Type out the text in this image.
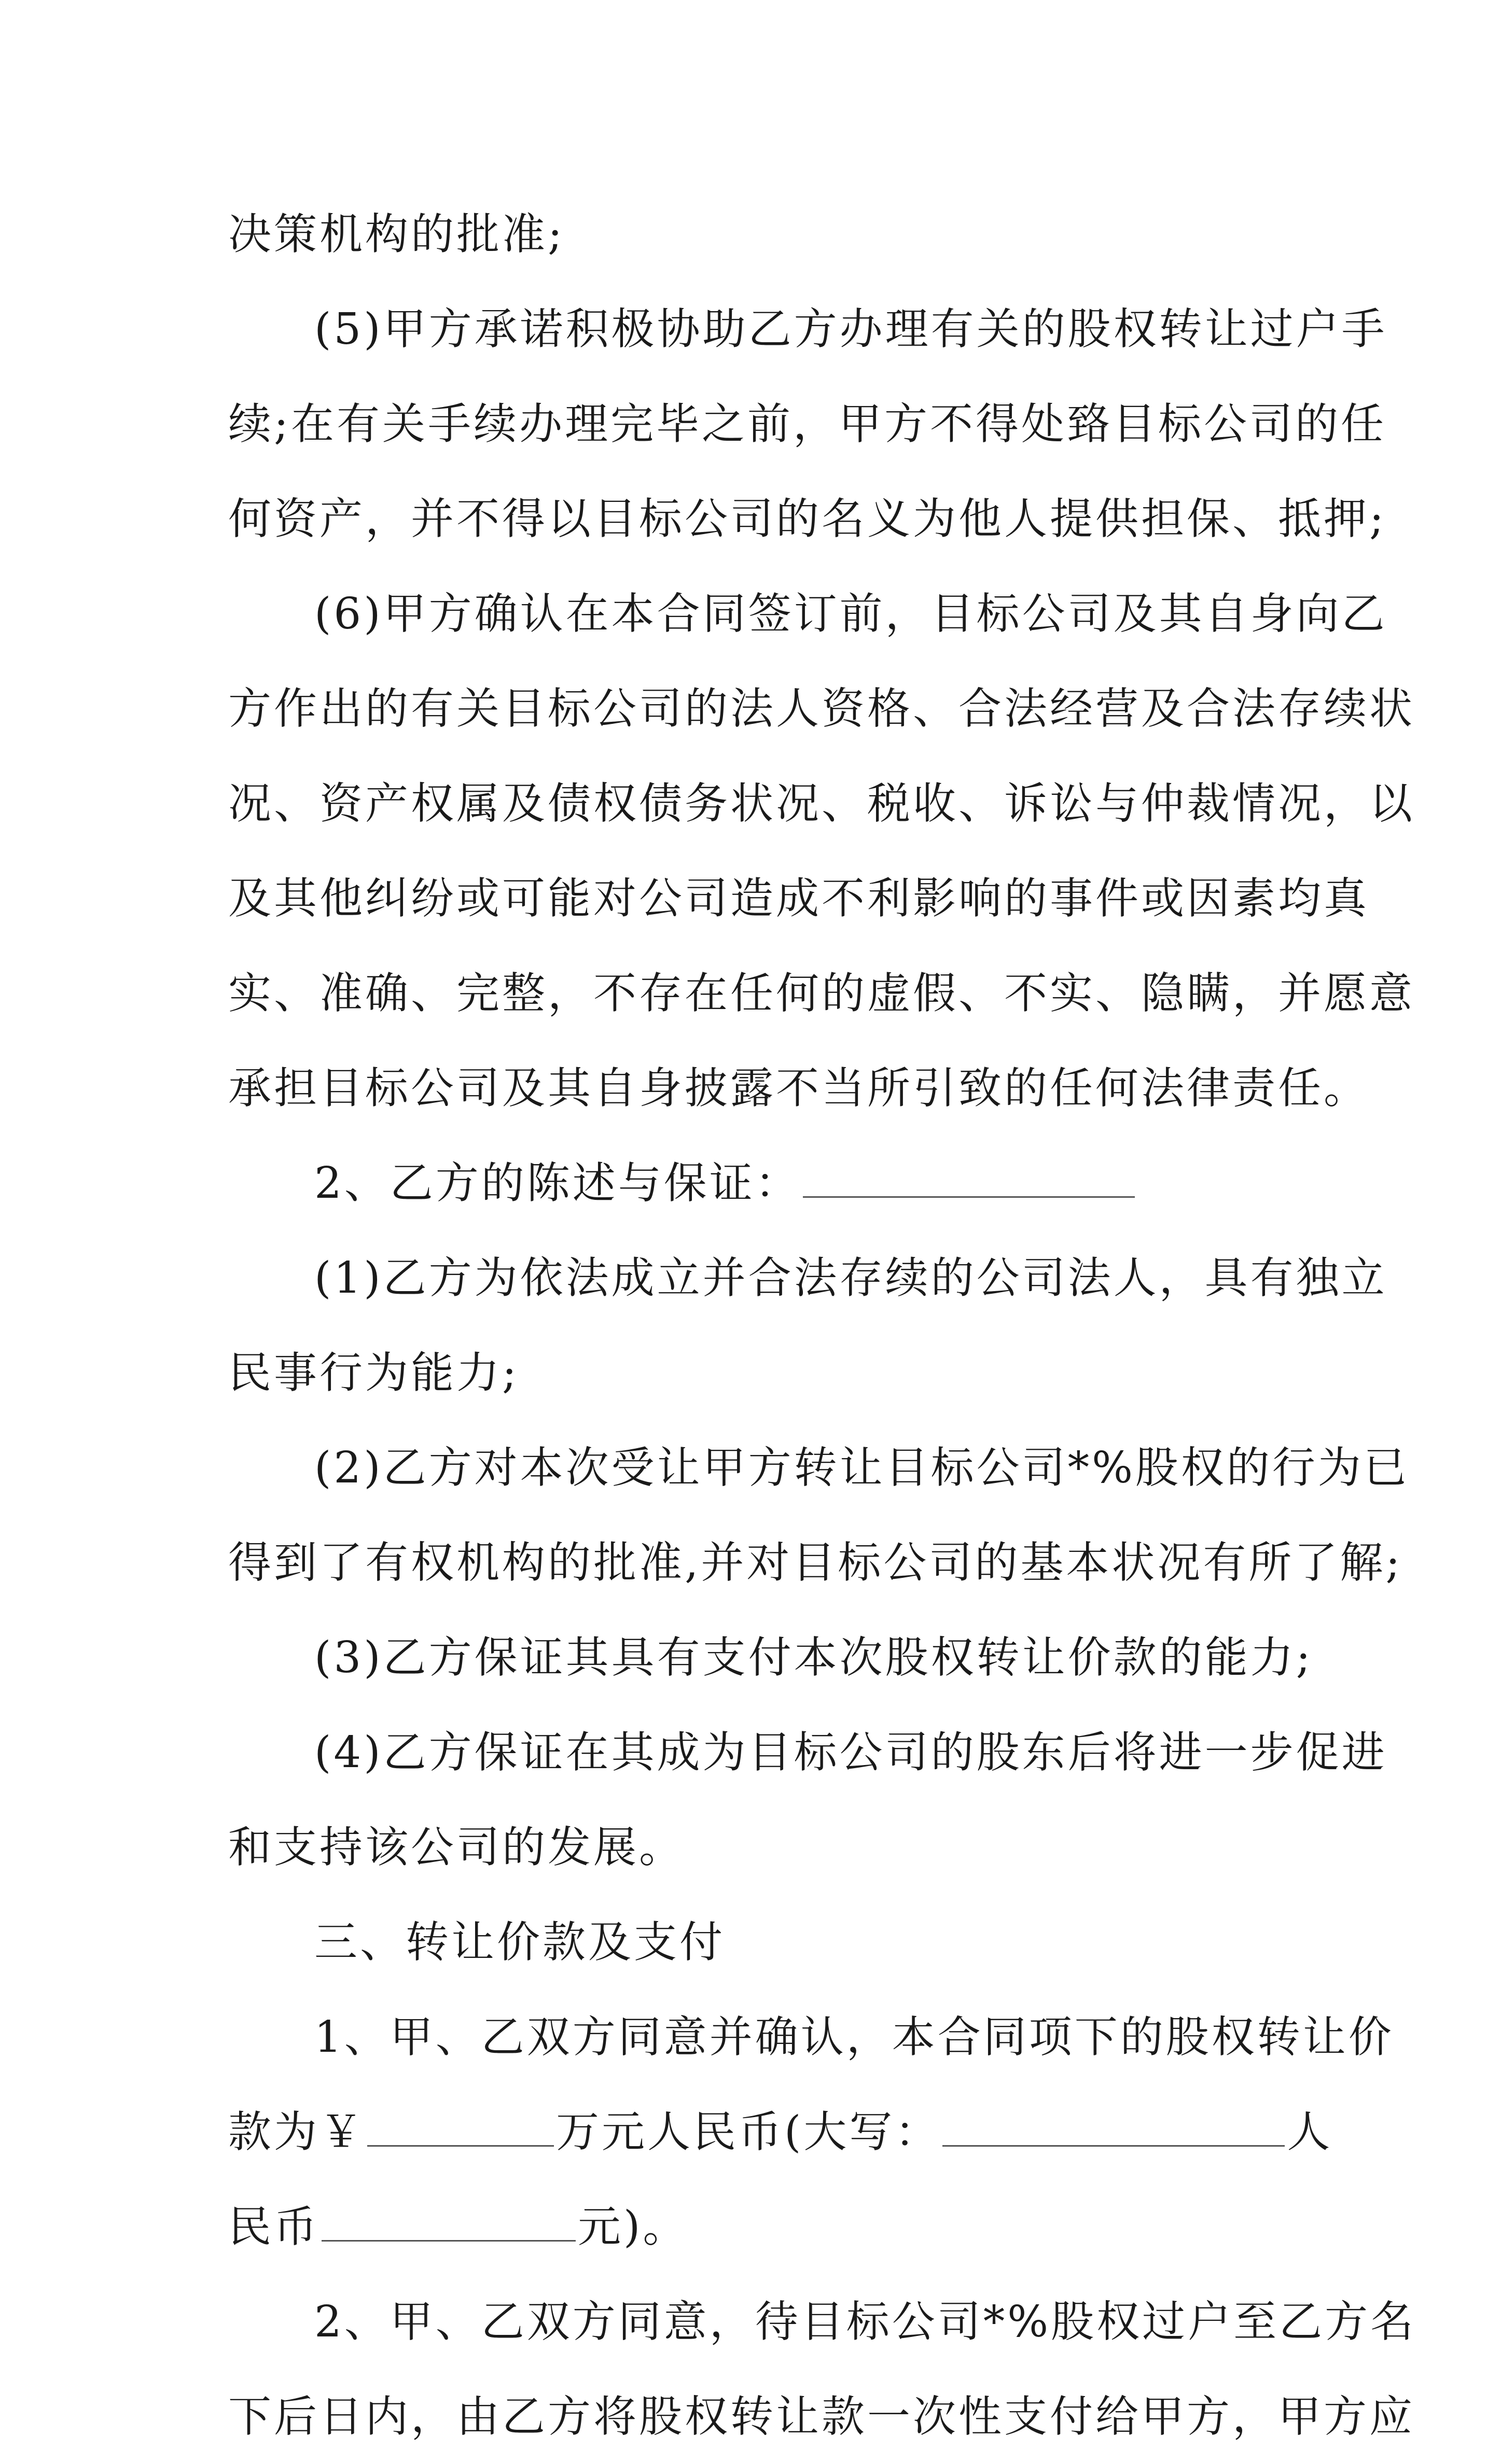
决策机构的批准;
(5)甲方承诺积极协助乙方办理有关的股权转让过户手
续;在有关手续办理完毕之前，甲方不得处臵目标公司的任
何资产，并不得以目标公司的名义为他人提供担保、抵押;
(6)甲方确认在本合同签订前，目标公司及其自身向乙
方作出的有关目标公司的法人资格、合法经营及合法存续状
况、资产权属及债权债务状况、税收、诉讼与仲裁情况，以
及其他纠纷或可能对公司造成不利影响的事件或因素均真
实、准确、完整，不存在任何的虚假、不实、隐瞒，并愿意
承担目标公司及其自身披露不当所引致的任何法律责任。
2、乙方的陈述与保证：
(1)乙方为依法成立并合法存续的公司法人，具有独立
民事行为能力;
(2)乙方对本次受让甲方转让目标公司*%股权的行为已
得到了有权机构的批准,并对目标公司的基本状况有所了解;
(3)乙方保证其具有支付本次股权转让价款的能力;
(4)乙方保证在其成为目标公司的股东后将进一步促进
和支持该公司的发展。
三、转让价款及支付
1、甲、乙双方同意并确认，本合同项下的股权转让价
款为￥	万元人民币(大写：	人
民币	元)。
2、甲、乙双方同意，待目标公司*%股权过户至乙方名
下后日内，由乙方将股权转让款一次性支付给甲方，甲方应
